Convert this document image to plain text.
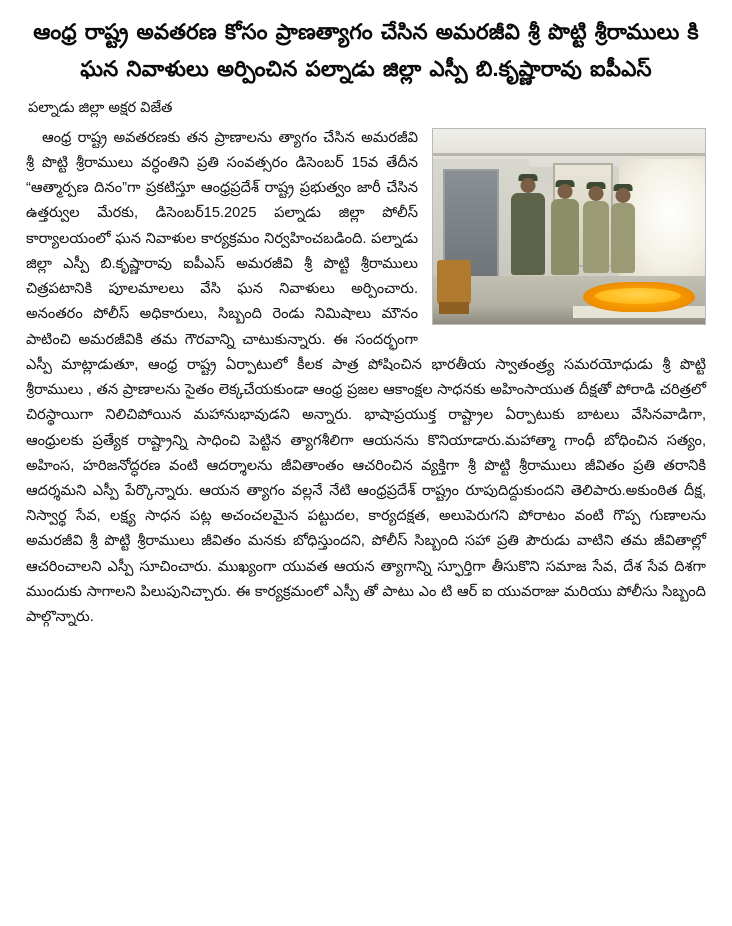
ఆంధ్ర రాష్ట్ర అవతరణ కోసం ప్రాణత్యాగం చేసిన అమరజీవి శ్రీ పొట్టి శ్రీరాములు కి ఘన నివాళులు అర్పించిన పల్నాడు జిల్లా ఎస్పీ బి.కృష్ణారావు ఐపీఎస్
పల్నాడు జిల్లా అక్షర విజేత

ఆంధ్ర రాష్ట్ర అవతరణకు తన ప్రాణాలను త్యాగం చేసిన అమరజీవి శ్రీ పొట్టి శ్రీరాములు వర్ధంతిని ప్రతి సంవత్సరం డిసెంబర్ 15వ తేదీన “ఆత్మార్పణ దినం”గా ప్రకటిస్తూ ఆంధ్రప్రదేశ్ రాష్ట్ర ప్రభుత్వం జారీ చేసిన ఉత్తర్వుల మేరకు, డిసెంబర్15.2025 పల్నాడు జిల్లా పోలీస్ కార్యాలయంలో ఘన నివాళుల కార్యక్రమం నిర్వహించబడింది. పల్నాడు జిల్లా ఎస్పీ బి.కృష్ణారావు ఐపీఎస్ అమరజీవి శ్రీ పొట్టి శ్రీరాములు చిత్రపటానికి పూలమాలలు వేసి ఘన నివాళులు అర్పించారు. అనంతరం పోలీస్ అధికారులు, సిబ్బంది రెండు నిమిషాలు మౌనం పాటించి అమరజీవికి తమ గౌరవాన్ని చాటుకున్నారు. ఈ సందర్భంగా ఎస్పీ మాట్లాడుతూ, ఆంధ్ర రాష్ట్ర ఏర్పాటులో కీలక పాత్ర పోషించిన భారతీయ స్వాతంత్ర్య సమరయోధుడు శ్రీ పొట్టి శ్రీరాములు , తన ప్రాణాలను సైతం లెక్కచేయకుండా ఆంధ్ర ప్రజల ఆకాంక్షల సాధనకు అహింసాయుత దీక్షతో పోరాడి చరిత్రలో చిరస్థాయిగా నిలిచిపోయిన మహానుభావుడని అన్నారు. భాషాప్రయుక్త రాష్ట్రాల ఏర్పాటుకు బాటలు వేసినవాడిగా, ఆంధ్రులకు ప్రత్యేక రాష్ట్రాన్ని సాధించి పెట్టిన త్యాగశీలిగా ఆయనను కొనియాడారు.మహాత్మా గాంధీ బోధించిన సత్యం, అహింస, హరిజనోద్ధరణ వంటి ఆదర్శాలను జీవితాంతం ఆచరించిన వ్యక్తిగా శ్రీ పొట్టి శ్రీరాములు జీవితం ప్రతి తరానికి ఆదర్శమని ఎస్పీ పేర్కొన్నారు. ఆయన త్యాగం వల్లనే నేటి ఆంధ్రప్రదేశ్ రాష్ట్రం రూపుదిద్దుకుందని తెలిపారు.అకుంఠిత దీక్ష, నిస్వార్థ సేవ, లక్ష్య సాధన పట్ల అచంచలమైన పట్టుదల, కార్యదక్షత, అలుపెరుగని పోరాటం వంటి గొప్ప గుణాలను అమరజీవి శ్రీ పొట్టి శ్రీరాములు జీవితం మనకు బోధిస్తుందని, పోలీస్ సిబ్బంది సహా ప్రతి పౌరుడు వాటిని తమ జీవితాల్లో ఆచరించాలని ఎస్పీ సూచించారు. ముఖ్యంగా యువత ఆయన త్యాగాన్ని స్ఫూర్తిగా తీసుకొని సమాజ సేవ, దేశ సేవ దిశగా ముందుకు సాగాలని పిలుపునిచ్చారు. ఈ కార్యక్రమంలో ఎస్పీ తో పాటు ఎం టి ఆర్ ఐ యువరాజు మరియు పోలీసు సిబ్బంది పాల్గొన్నారు.
